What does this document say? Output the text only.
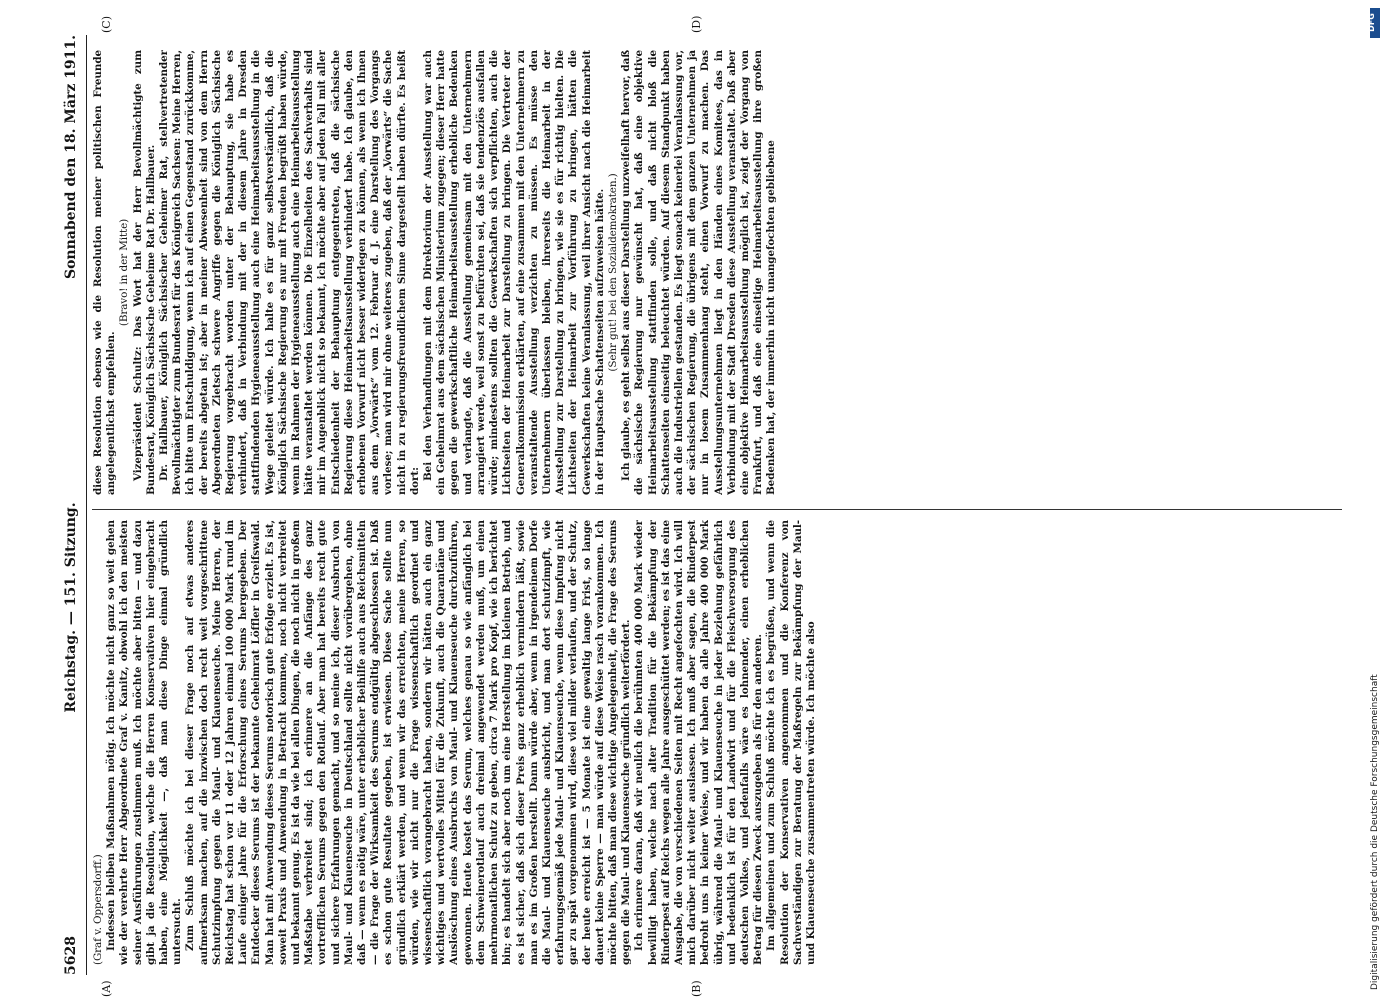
5628
Reichstag. — 151. Sitzung.
Sonnabend den 18. März 1911.

(Graf v. Oppersdorff.) Indessen bleiben Maßnahmen nötig. Ich möchte nicht ganz so weit gehen wie der verehrte Herr Abgeordnete Graf v. Kanitz, obwohl ich den meisten seiner Ausführungen zustimmen muß. Ich möchte aber bitten — und dazu gibt ja die Resolution, welche die Herren Konservativen hier eingebracht haben, eine Möglichkeit —, daß man diese Dinge einmal gründlich untersucht. Zum Schluß möchte ich bei dieser Frage noch auf etwas anderes aufmerksam machen, auf die inzwischen doch recht weit vorgeschrittene Schutzimpfung gegen die Maul- und Klauenseuche. Meine Herren, der Reichstag hat schon vor 11 oder 12 Jahren einmal 100 000 Mark rund im Laufe einiger Jahre für die Erforschung eines Serums hergegeben. Der Entdecker dieses Serums ist der bekannte Geheimrat Löffler in Greifswald. Man hat mit Anwendung dieses Serums notorisch gute Erfolge erzielt. Es ist, soweit Praxis und Anwendung in Betracht kommen, noch nicht verbreitet und bekannt genug. Es ist da wie bei allen Dingen, die noch nicht in großem Maßstabe verbreitet sind; ich erinnere an die Anfänge des ganz vortrefflichen Serums gegen den Rotlauf. Aber man hat bereits recht gute und sichere Erfahrungen gemacht, und so meine ich, dieser Ausbruch von Maul- und Klauenseuche in Deutschland sollte nicht vorübergehen, ohne daß — wenn es nötig wäre, unter erheblicher Beihilfe auch aus Reichsmitteln — die Frage der Wirksamkeit des Serums endgültig abgeschlossen ist. Daß es schon gute Resultate gegeben, ist erwiesen. Diese Sache sollte nun gründlich erklärt werden, und wenn wir das erreichten, meine Herren, so würden, wie wir nicht nur die Frage wissenschaftlich geordnet und wissenschaftlich vorangebracht haben, sondern wir hätten auch ein ganz wichtiges und wertvolles Mittel für die Zukunft, auch die Quarantäne und Auslöschung eines Ausbruchs von Maul- und Klauenseuche durchzuführen, gewonnen. Heute kostet das Serum, welches genau so wie anfänglich bei dem Schweinerotlauf auch dreimal angewendet werden muß, um einen mehrmonatlichen Schutz zu geben, circa 7 Mark pro Kopf, wie ich berichtet bin; es handelt sich aber noch um eine Herstellung im kleinen Betrieb, und es ist sicher, daß sich dieser Preis ganz erheblich vermindern läßt, sowie man es im Großen herstellt. Dann würde aber, wenn in irgendeinem Dorfe die Maul- und Klauenseuche ausbricht, und man dort schutzimpft, wie erfahrungsgemäß jede Maul- und Klauenseuche, wenn diese Impfung nicht gar zu spät vorgenommen wird, diese viel milder verlaufen, und der Schutz, der heute erreicht ist — 5 Monate ist eine gewaltig lange Frist, so lange dauert keine Sperre — man würde auf diese Weise rasch vorankommen. Ich möchte bitten, daß man diese wichtige Angelegenheit, die Frage des Serums gegen die Maul- und Klauenseuche gründlich weiterfördert. Ich erinnere daran, daß wir neulich die berühmten 400 000 Mark wieder bewilligt haben, welche nach alter Tradition für die Bekämpfung der Rinderpest auf Reichs wegen alle Jahre ausgeschüttet werden; es ist das eine Ausgabe, die von verschiedenen Seiten mit Recht angefochten wird. Ich will mich darüber nicht weiter auslassen. Ich muß aber sagen, die Rinderpest bedroht uns in keiner Weise, und wir haben da alle Jahre 400 000 Mark übrig, während die Maul- und Klauenseuche in jeder Beziehung gefährlich und bedenklich ist für den Landwirt und für die Fleischversorgung des deutschen Volkes, und jedenfalls wäre es lohnender, einen erheblichen Betrag für diesen Zweck auszugeben als für den anderen. Im allgemeinen und zum Schluß möchte ich es begrüßen, und wenn die Resolution der Konservativen angenommen und die Konferenz von Sachverständigen zur Beratung der Maßregeln zur Bekämpfung der Maul- und Klauenseuche zusammentreten würde. Ich möchte also

diese Resolution ebenso wie die Resolution meiner politischen Freunde angelegentlichst empfehlen.

(Bravo! in der Mitte) Vizepräsident Schultz: Das Wort hat der Herr Bevollmächtigte zum Bundesrat, Königlich Sächsische Geheime Rat Dr. Hallbauer. Dr. Hallbauer, Königlich Sächsischer Geheimer Rat, stellvertretender Bevollmächtigter zum Bundesrat für das Königreich Sachsen: Meine Herren, ich bitte um Entschuldigung, wenn ich auf einen Gegenstand zurückkomme, der bereits abgetan ist; aber in meiner Abwesenheit sind von dem Herrn Abgeordneten Zietsch schwere Angriffe gegen die Königlich Sächsische Regierung vorgebracht worden unter der Behauptung, sie habe es verhindert, daß in Verbindung mit der in diesem Jahre in Dresden stattfindenden Hygieneausstellung auch eine Heimarbeitsausstellung in die Wege geleitet würde. Ich halte es für ganz selbstverständlich, daß die Königlich Sächsische Regierung es nur mit Freuden begrüßt haben würde, wenn im Rahmen der Hygieneausstellung auch eine Heimarbeitsausstellung hätte veranstaltet werden können. Die Einzelheiten des Sachverhalts sind mir im Augenblick nicht so bekannt, ich möchte aber auf jeden Fall mit aller Entschiedenheit der Behauptung entgegentreten, daß die sächsische Regierung diese Heimarbeitsausstellung verhindert habe. Ich glaube, den erhobenen Vorwurf nicht besser widerlegen zu können, als wenn ich Ihnen aus dem „Vorwärts“ vom 12. Februar d. J. eine Darstellung des Vorgangs vorlese; man wird mir ohne weiteres zugeben, daß der „Vorwärts“ die Sache nicht in zu regierungsfreundlichem Sinne dargestellt haben dürfte. Es heißt dort:

Bei den Verhandlungen mit dem Direktorium der Ausstellung war auch ein Geheimrat aus dem sächsischen Ministerium zugegen; dieser Herr hatte gegen die gewerkschaftliche Heimarbeitsausstellung erhebliche Bedenken und verlangte, daß die Ausstellung gemeinsam mit den Unternehmern arrangiert werde, weil sonst zu befürchten sei, daß sie tendenziös ausfallen würde; mindestens sollten die Gewerkschaften sich verpflichten, auch die Lichtseiten der Heimarbeit zur Darstellung zu bringen. Die Vertreter der Generalkommission erklärten, auf eine zusammen mit den Unternehmern zu veranstaltende Ausstellung verzichten zu müssen. Es müsse den Unternehmern überlassen bleiben, ihrerseits die Heimarbeit in der Ausstellung zur Darstellung zu bringen, wie sie es für richtig hielten. Die Lichtseiten der Heimarbeit zur Vorführung zu bringen, hätten die Gewerkschaften keine Veranlassung, weil ihrer Ansicht nach die Heimarbeit in der Hauptsache Schattenseiten aufzuweisen hätte. (Sehr gut! bei den Sozialdemokraten.) Ich glaube, es geht selbst aus dieser Darstellung unzweifelhaft hervor, daß die sächsische Regierung nur gewünscht hat, daß eine objektive Heimarbeitsausstellung stattfinden solle, und daß nicht bloß die Schattenseiten einseitig beleuchtet würden. Auf diesem Standpunkt haben auch die Industriellen gestanden. Es liegt sonach keinerlei Veranlassung vor, der sächsischen Regierung, die übrigens mit dem ganzen Unternehmen ja nur in losem Zusammenhang steht, einen Vorwurf zu machen. Das Ausstellungsunternehmen liegt in den Händen eines Komitees, das in Verbindung mit der Stadt Dresden diese Ausstellung veranstaltet. Daß aber eine objektive Heimarbeitsausstellung möglich ist, zeigt der Vorgang von Frankfurt, und daß eine einseitige Heimarbeitsausstellung ihre großen Bedenken hat, der immerhin nicht unangefochten gebliebene

(A)	(B)
(C)	(D)	DFG
Digitalisierung gefördert durch die Deutsche Forschungsgemeinschaft
